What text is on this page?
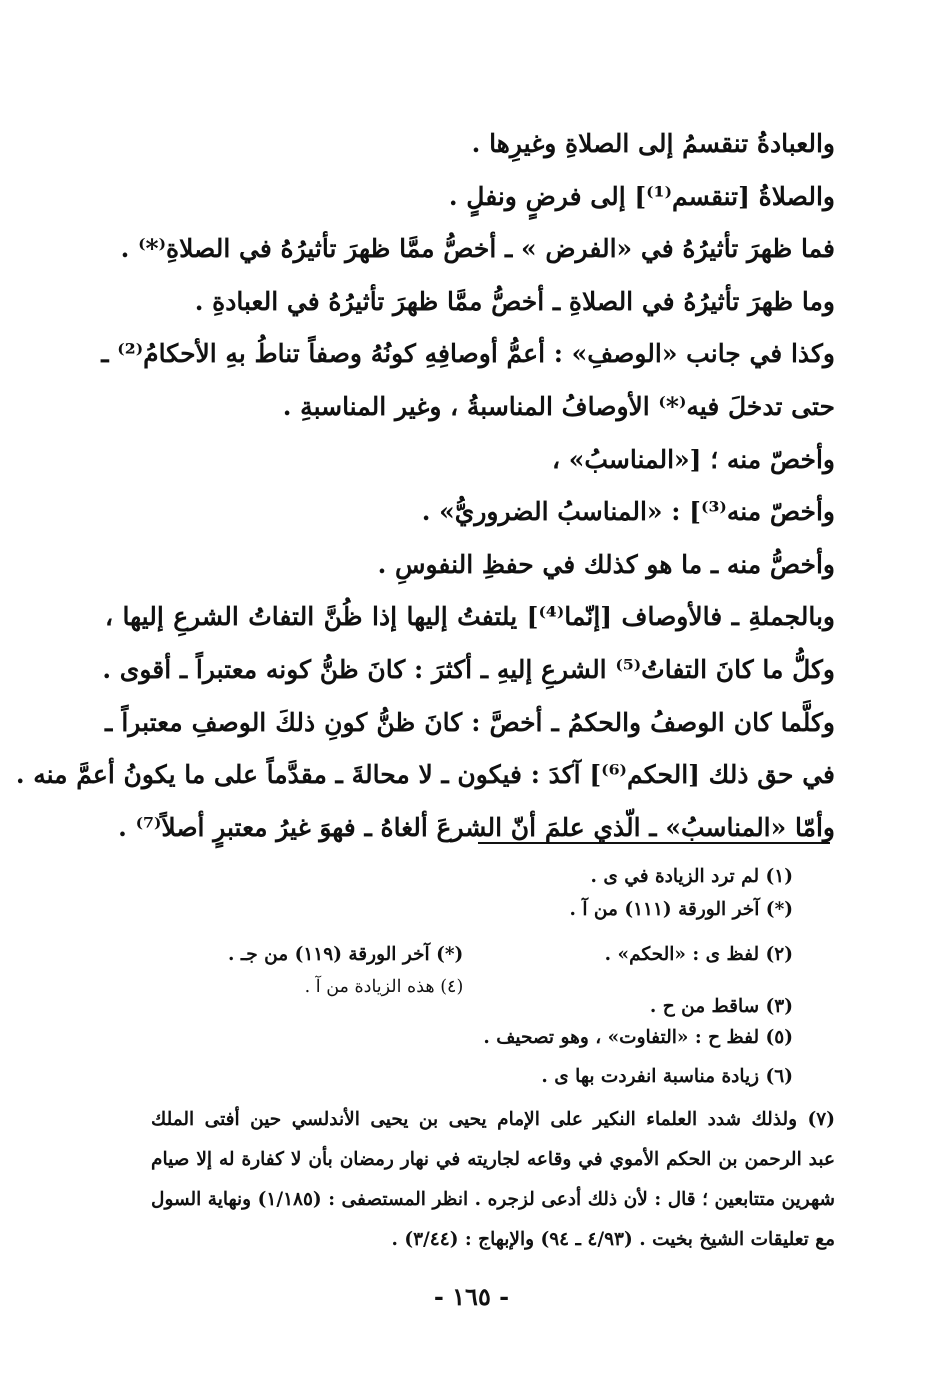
والعبادةُ تنقسمُ إلى الصلاةِ وغيرِها .
والصلاةُ [تنقسم⁽¹⁾] إلى فرضٍ ونفلٍ .
فما ظهرَ تأثيرُهُ في «الفرض » ـ أخصُّ ممَّا ظهرَ تأثيرُهُ في الصلاةِ⁽*⁾ .
وما ظهرَ تأثيرُهُ في الصلاةِ ـ أخصُّ ممَّا ظهرَ تأثيرُهُ في العبادةِ .
وكذا في جانب «الوصفِ» : أعمُّ أوصافِهِ كونُهُ وصفاً تناطُ بهِ الأحكامُ⁽²⁾ ـ
حتى تدخلَ فيه⁽*⁾ الأوصافُ المناسبةُ ، وغير المناسبةِ .
وأخصّ منه ؛ [«المناسبُ» ،
وأخصّ منه⁽³⁾] : «المناسبُ الضروريُّ» .
وأخصُّ منه ـ ما هو كذلك في حفظِ النفوسِ .
وبالجملةِ ـ فالأوصاف [إنّما⁽⁴⁾] يلتفتُ إليها إذا ظُنَّ التفاتُ الشرعِ إليها ،
وكلُّ ما كانَ التفاتُ⁽⁵⁾ الشرعِ إليهِ ـ أكثرَ : كانَ ظنُّ كونه معتبراً ـ أقوى .
وكلَّما كان الوصفُ والحكمُ ـ أخصَّ : كانَ ظنُّ كونِ ذلكَ الوصفِ معتبراً ـ
في حق ذلك [الحكم⁽⁶⁾] آكدَ : فيكون ـ لا محالةَ ـ مقدَّماً على ما يكونُ أعمَّ منه .
وأمّا «المناسبُ» ـ الّذي علمَ أنّ الشرعَ ألغاهُ ـ فهوَ غيرُ معتبرٍ أصلاً⁽⁷⁾ .
(١) لم ترد الزيادة في ى .
(*) آخر الورقة (١١١) من آ .
(٢) لفظ ى : «الحكم» .
(*) آخر الورقة (١١٩) من جـ .
(٤) هذه الزيادة من آ .
(٣) ساقط من ح .
(٥) لفظ ح : «التفاوت» ، وهو تصحيف .
(٦) زيادة مناسبة انفردت بها ى .
(٧) ولذلك شدد العلماء النكير على الإمام يحيى بن يحيى الأندلسي حين أفتى الملك
عبد الرحمن بن الحكم الأموي في وقاعه لجاريته في نهار رمضان بأن لا كفارة له إلا صيام
شهرين متتابعين ؛ قال : لأن ذلك أدعى لزجره . انظر المستصفى : (١/١٨٥) ونهاية السول
مع تعليقات الشيخ بخيت . (٤/٩٣ ـ ٩٤) والإبهاج : (٣/٤٤) .
- ١٦٥ -
